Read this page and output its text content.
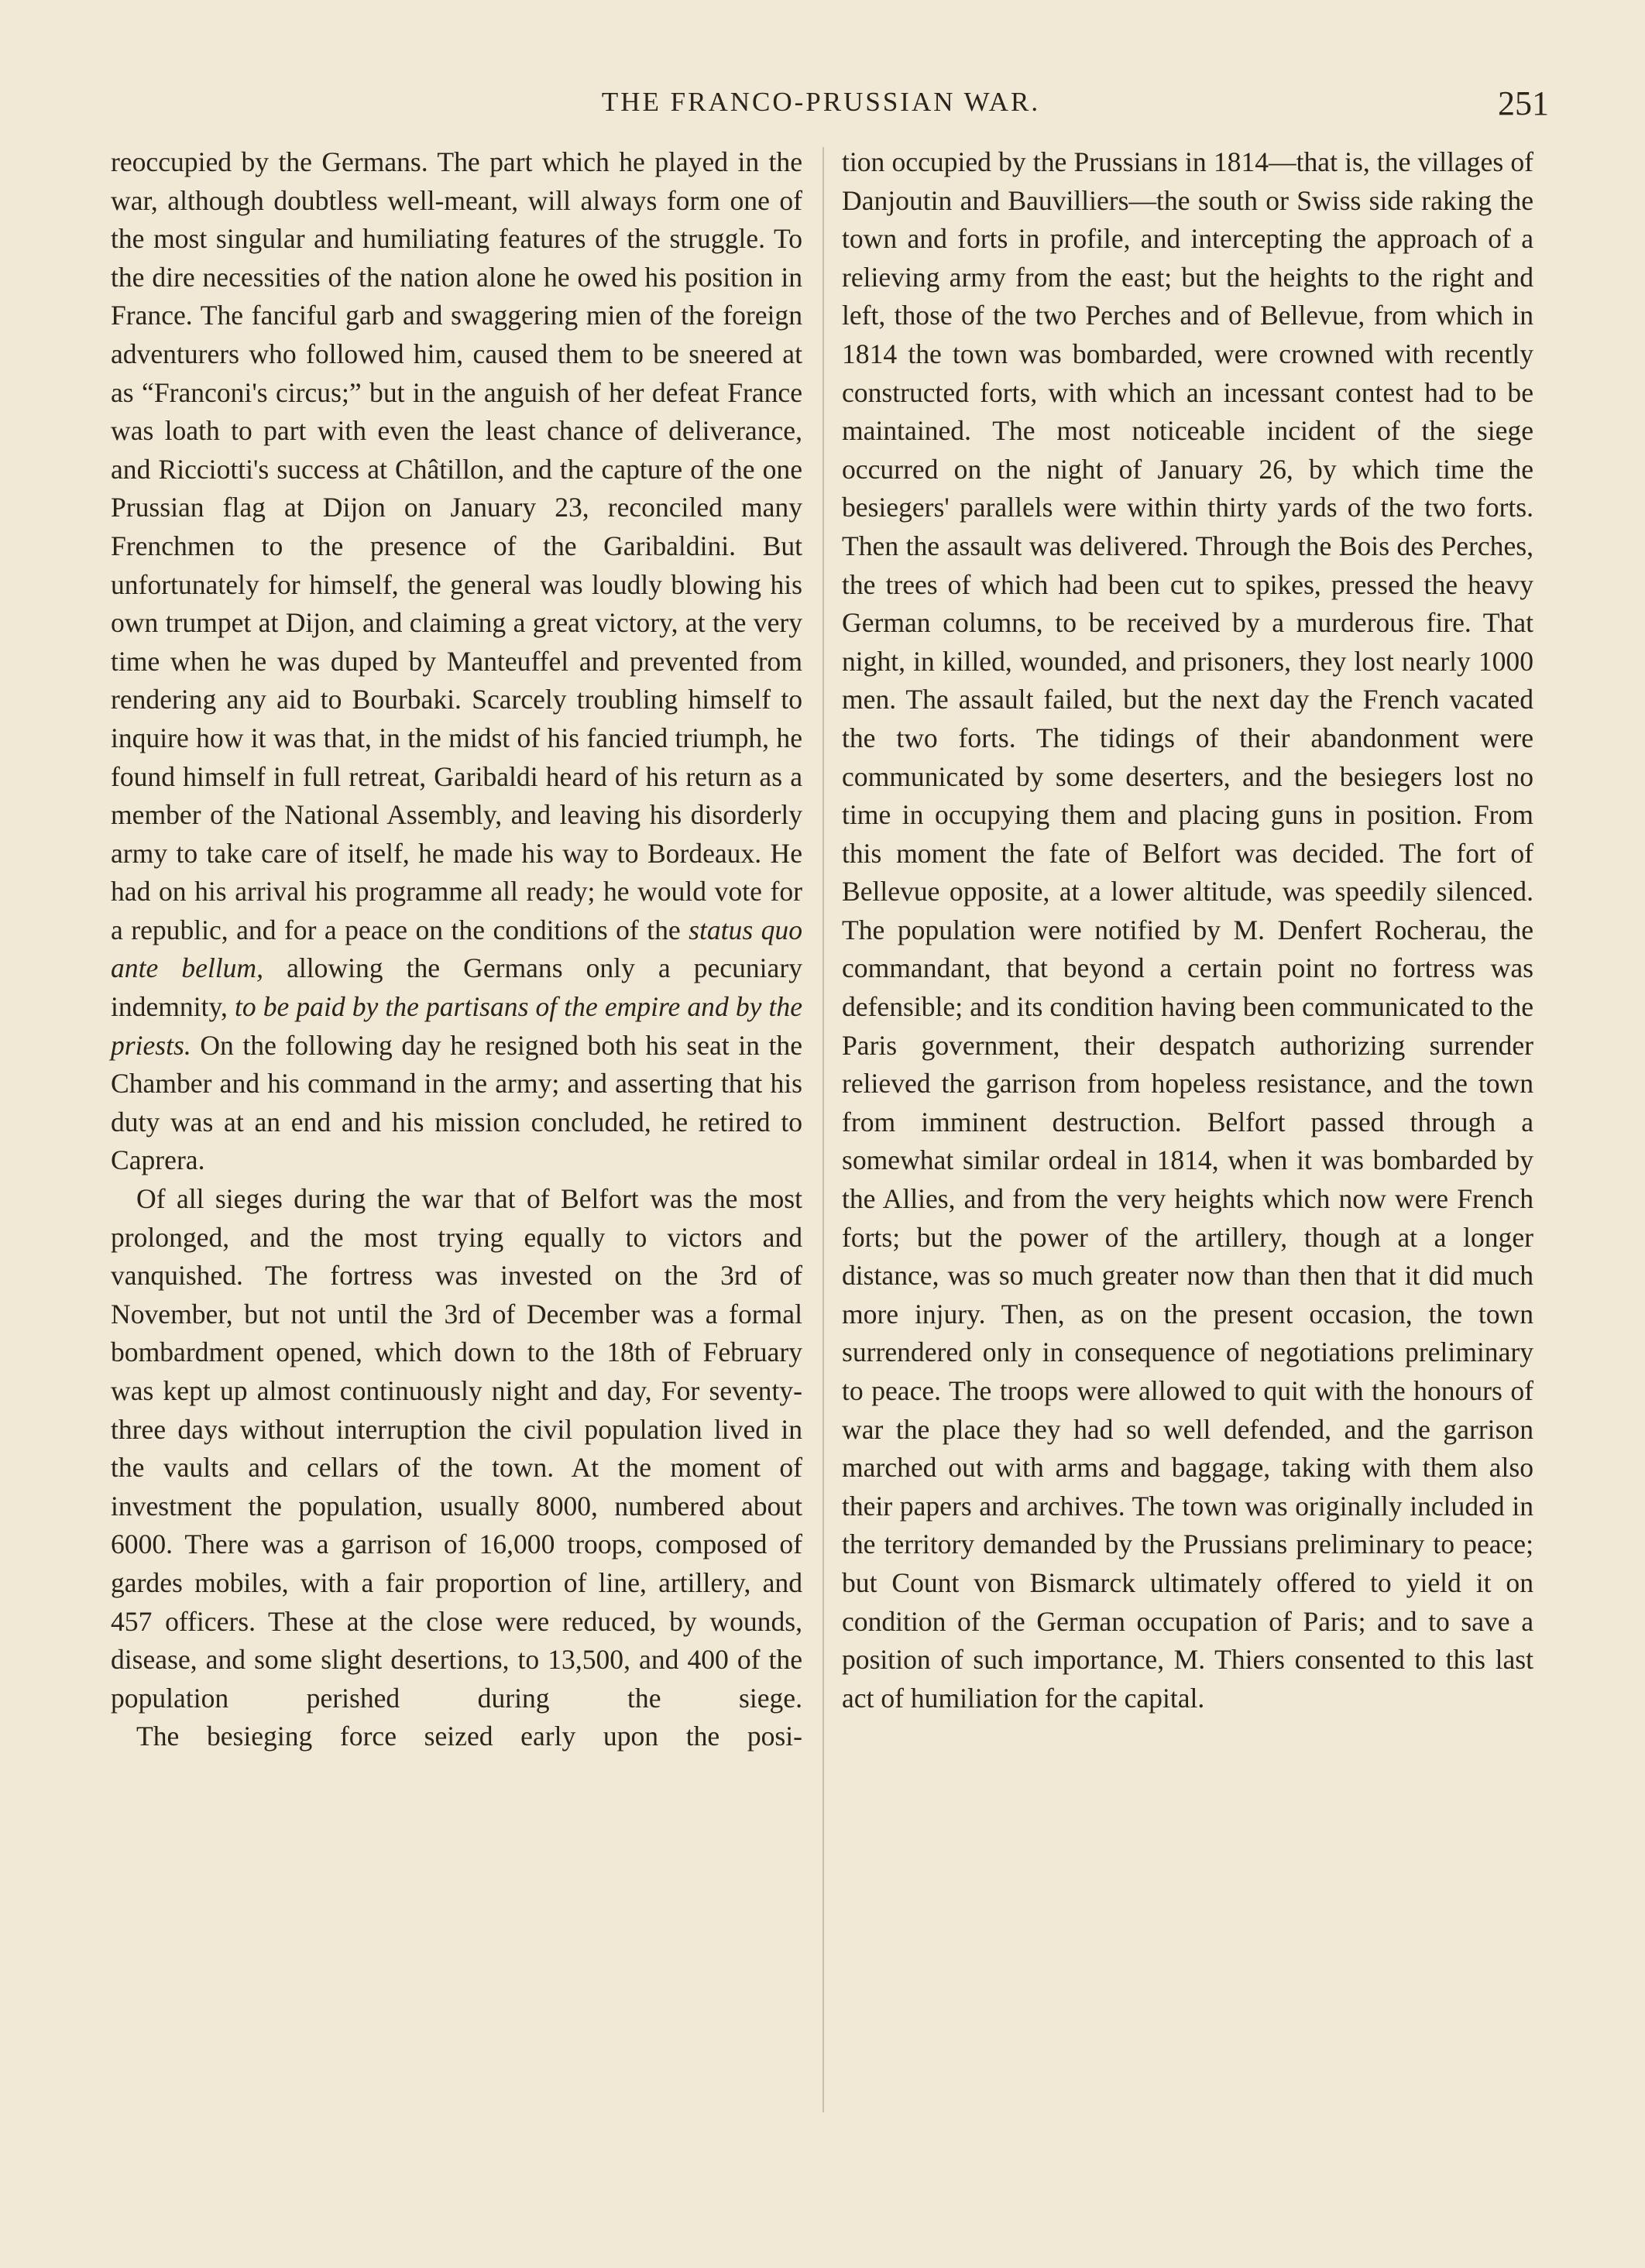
THE FRANCO-PRUSSIAN WAR.	251

reoccupied by the Germans. The part which he played in the war, although doubtless well-meant, will always form one of the most singular and humiliating features of the struggle. To the dire necessities of the nation alone he owed his position in France. The fanciful garb and swaggering mien of the foreign adventurers who followed him, caused them to be sneered at as “Franconi's circus;” but in the anguish of her defeat France was loath to part with even the least chance of deliverance, and Ricciotti's success at Châtillon, and the capture of the one Prussian flag at Dijon on January 23, reconciled many Frenchmen to the presence of the Garibaldini. But unfortunately for himself, the general was loudly blowing his own trumpet at Dijon, and claiming a great victory, at the very time when he was duped by Manteuffel and prevented from rendering any aid to Bourbaki. Scarcely troubling himself to inquire how it was that, in the midst of his fancied triumph, he found himself in full retreat, Garibaldi heard of his return as a member of the National Assembly, and leaving his disorderly army to take care of itself, he made his way to Bordeaux. He had on his arrival his programme all ready; he would vote for a republic, and for a peace on the conditions of the status quo ante bellum, allowing the Germans only a pecuniary indemnity, to be paid by the partisans of the empire and by the priests. On the following day he resigned both his seat in the Chamber and his command in the army; and asserting that his duty was at an end and his mission concluded, he retired to Caprera.

Of all sieges during the war that of Belfort was the most prolonged, and the most trying equally to victors and vanquished. The fortress was invested on the 3rd of November, but not until the 3rd of December was a formal bombardment opened, which down to the 18th of February was kept up almost continuously night and day, For seventy-three days without interruption the civil population lived in the vaults and cellars of the town. At the moment of investment the population, usually 8000, numbered about 6000. There was a garrison of 16,000 troops, composed of gardes mobiles, with a fair proportion of line, artillery, and 457 officers. These at the close were reduced, by wounds, disease, and some slight desertions, to 13,500, and 400 of the population perished during the siege.

The besieging force seized early upon the posi-

tion occupied by the Prussians in 1814—that is, the villages of Danjoutin and Bauvilliers—the south or Swiss side raking the town and forts in profile, and intercepting the approach of a relieving army from the east; but the heights to the right and left, those of the two Perches and of Bellevue, from which in 1814 the town was bombarded, were crowned with recently constructed forts, with which an incessant contest had to be maintained. The most noticeable incident of the siege occurred on the night of January 26, by which time the besiegers' parallels were within thirty yards of the two forts. Then the assault was delivered. Through the Bois des Perches, the trees of which had been cut to spikes, pressed the heavy German columns, to be received by a murderous fire. That night, in killed, wounded, and prisoners, they lost nearly 1000 men. The assault failed, but the next day the French vacated the two forts. The tidings of their abandonment were communicated by some deserters, and the besiegers lost no time in occupying them and placing guns in position. From this moment the fate of Belfort was decided. The fort of Bellevue opposite, at a lower altitude, was speedily silenced. The population were notified by M. Denfert Rocherau, the commandant, that beyond a certain point no fortress was defensible; and its condition having been communicated to the Paris government, their despatch authorizing surrender relieved the garrison from hopeless resistance, and the town from imminent destruction. Belfort passed through a somewhat similar ordeal in 1814, when it was bombarded by the Allies, and from the very heights which now were French forts; but the power of the artillery, though at a longer distance, was so much greater now than then that it did much more injury. Then, as on the present occasion, the town surrendered only in consequence of negotiations preliminary to peace. The troops were allowed to quit with the honours of war the place they had so well defended, and the garrison marched out with arms and baggage, taking with them also their papers and archives. The town was originally included in the territory demanded by the Prussians preliminary to peace; but Count von Bismarck ultimately offered to yield it on condition of the German occupation of Paris; and to save a position of such importance, M. Thiers consented to this last act of humiliation for the capital.
